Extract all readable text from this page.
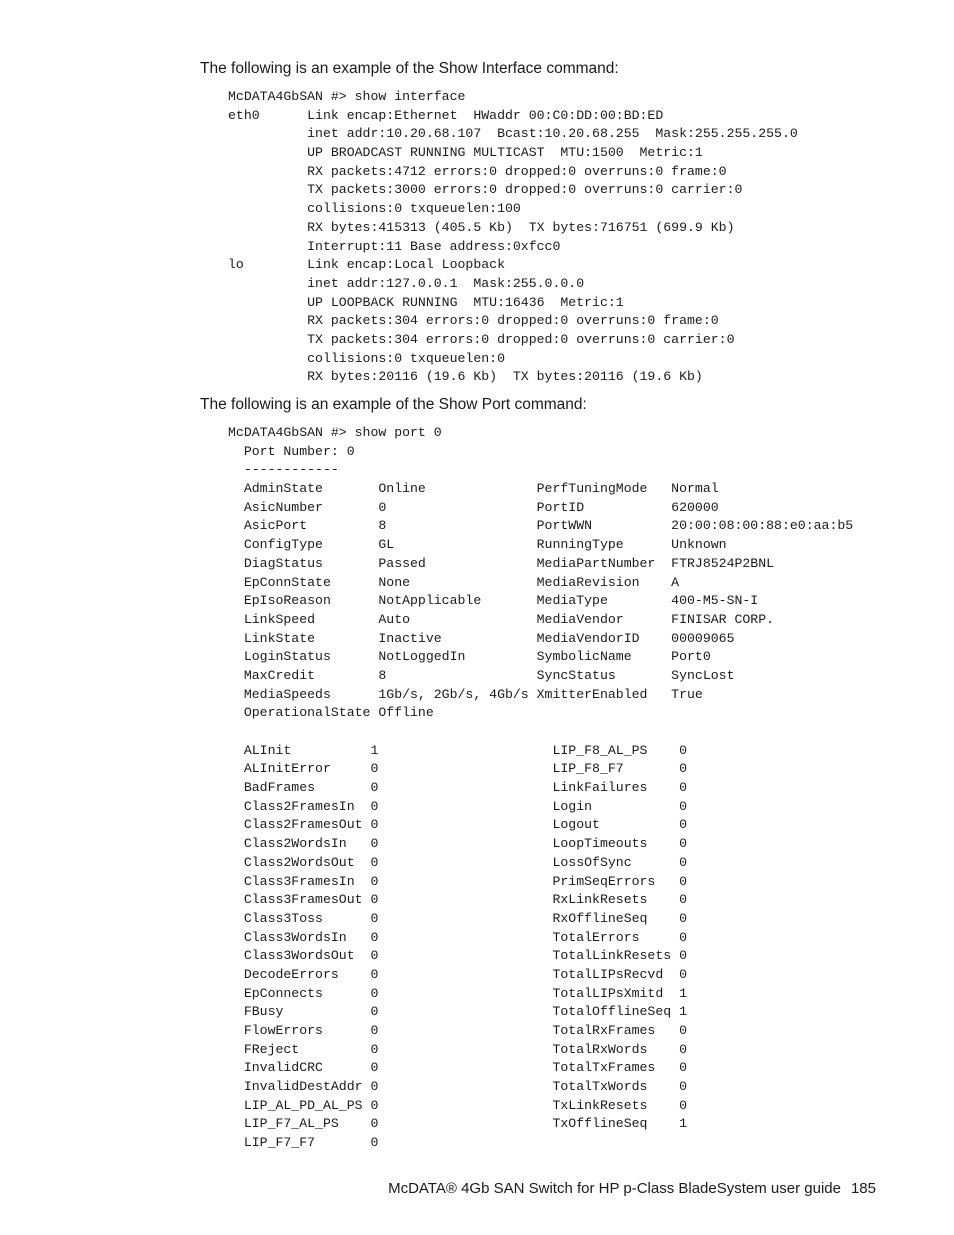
The following is an example of the Show Interface command:
McDATA4GbSAN #> show interface
eth0      Link encap:Ethernet  HWaddr 00:C0:DD:00:BD:ED
inet addr:10.20.68.107  Bcast:10.20.68.255  Mask:255.255.255.0
UP BROADCAST RUNNING MULTICAST  MTU:1500  Metric:1
RX packets:4712 errors:0 dropped:0 overruns:0 frame:0
TX packets:3000 errors:0 dropped:0 overruns:0 carrier:0
collisions:0 txqueuelen:100
RX bytes:415313 (405.5 Kb)  TX bytes:716751 (699.9 Kb)
Interrupt:11 Base address:0xfcc0
lo        Link encap:Local Loopback
inet addr:127.0.0.1  Mask:255.0.0.0
UP LOOPBACK RUNNING  MTU:16436  Metric:1
RX packets:304 errors:0 dropped:0 overruns:0 frame:0
TX packets:304 errors:0 dropped:0 overruns:0 carrier:0
collisions:0 txqueuelen:0
RX bytes:20116 (19.6 Kb)  TX bytes:20116 (19.6 Kb)
The following is an example of the Show Port command:
McDATA4GbSAN #> show port 0
Port Number: 0
------------
AdminState       Online              PerfTuningMode   Normal
AsicNumber       0                   PortID           620000
AsicPort         8                   PortWWN          20:00:08:00:88:e0:aa:b5
ConfigType       GL                  RunningType      Unknown
DiagStatus       Passed              MediaPartNumber  FTRJ8524P2BNL
EpConnState      None                MediaRevision    A
EpIsoReason      NotApplicable       MediaType        400-M5-SN-I
LinkSpeed        Auto                MediaVendor      FINISAR CORP.
LinkState        Inactive            MediaVendorID    00009065
LoginStatus      NotLoggedIn         SymbolicName     Port0
MaxCredit        8                   SyncStatus       SyncLost
MediaSpeeds      1Gb/s, 2Gb/s, 4Gb/s XmitterEnabled   True
OperationalState Offline
ALInit          1                      LIP_F8_AL_PS    0
ALInitError     0                      LIP_F8_F7       0
BadFrames       0                      LinkFailures    0
Class2FramesIn  0                      Login           0
Class2FramesOut 0                      Logout          0
Class2WordsIn   0                      LoopTimeouts    0
Class2WordsOut  0                      LossOfSync      0
Class3FramesIn  0                      PrimSeqErrors   0
Class3FramesOut 0                      RxLinkResets    0
Class3Toss      0                      RxOfflineSeq    0
Class3WordsIn   0                      TotalErrors     0
Class3WordsOut  0                      TotalLinkResets 0
DecodeErrors    0                      TotalLIPsRecvd  0
EpConnects      0                      TotalLIPsXmitd  1
FBusy           0                      TotalOfflineSeq 1
FlowErrors      0                      TotalRxFrames   0
FReject         0                      TotalRxWords    0
InvalidCRC      0                      TotalTxFrames   0
InvalidDestAddr 0                      TotalTxWords    0
LIP_AL_PD_AL_PS 0                      TxLinkResets    0
LIP_F7_AL_PS    0                      TxOfflineSeq    1
LIP_F7_F7       0
McDATA® 4Gb SAN Switch for HP p-Class BladeSystem user guide 185
